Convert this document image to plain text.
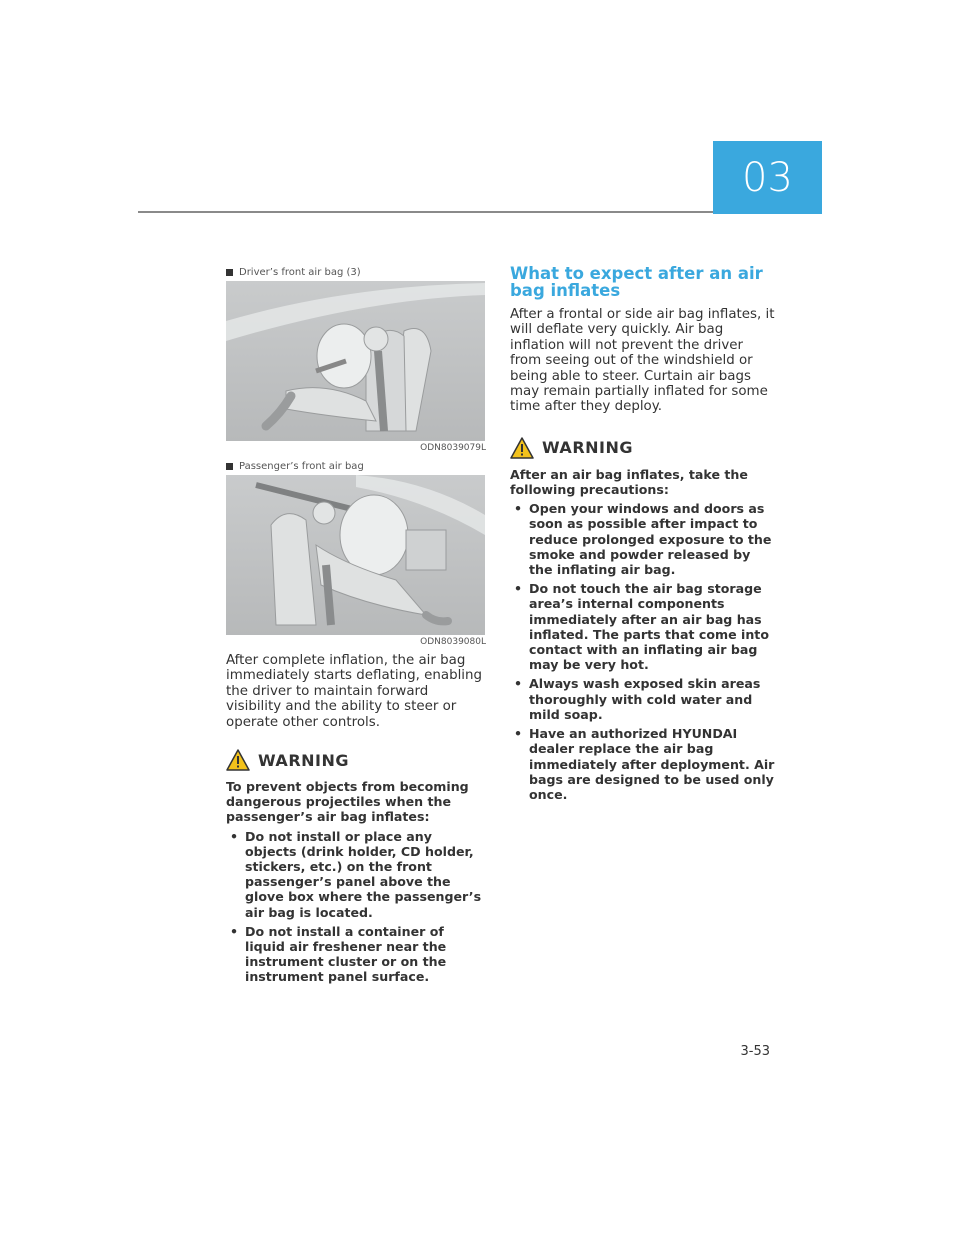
03
Driver’s front air bag (3)
ODN8039079L
Passenger’s front air bag
ODN8039080L

After complete inflation, the air bag immediately starts deflating, enabling the driver to maintain forward visibility and the ability to steer or operate other controls.

WARNING

To prevent objects from becoming dangerous projectiles when the passenger’s air bag inflates:

• Do not install or place any objects (drink holder, CD holder, stickers, etc.) on the front passenger’s panel above the glove box where the passenger’s air bag is located.
• Do not install a container of liquid air freshener near the instrument cluster or on the instrument panel surface.
What to expect after an air bag inflates

After a frontal or side air bag inflates, it will deflate very quickly. Air bag inflation will not prevent the driver from seeing out of the windshield or being able to steer. Curtain air bags may remain partially inflated for some time after they deploy.

WARNING

After an air bag inflates, take the following precautions:

• Open your windows and doors as soon as possible after impact to reduce prolonged exposure to the smoke and powder released by the inflating air bag.
• Do not touch the air bag storage area’s internal components immediately after an air bag has inflated. The parts that come into contact with an inflating air bag may be very hot.
• Always wash exposed skin areas thoroughly with cold water and mild soap.
• Have an authorized HYUNDAI dealer replace the air bag immediately after deployment. Air bags are designed to be used only once.
3-53
